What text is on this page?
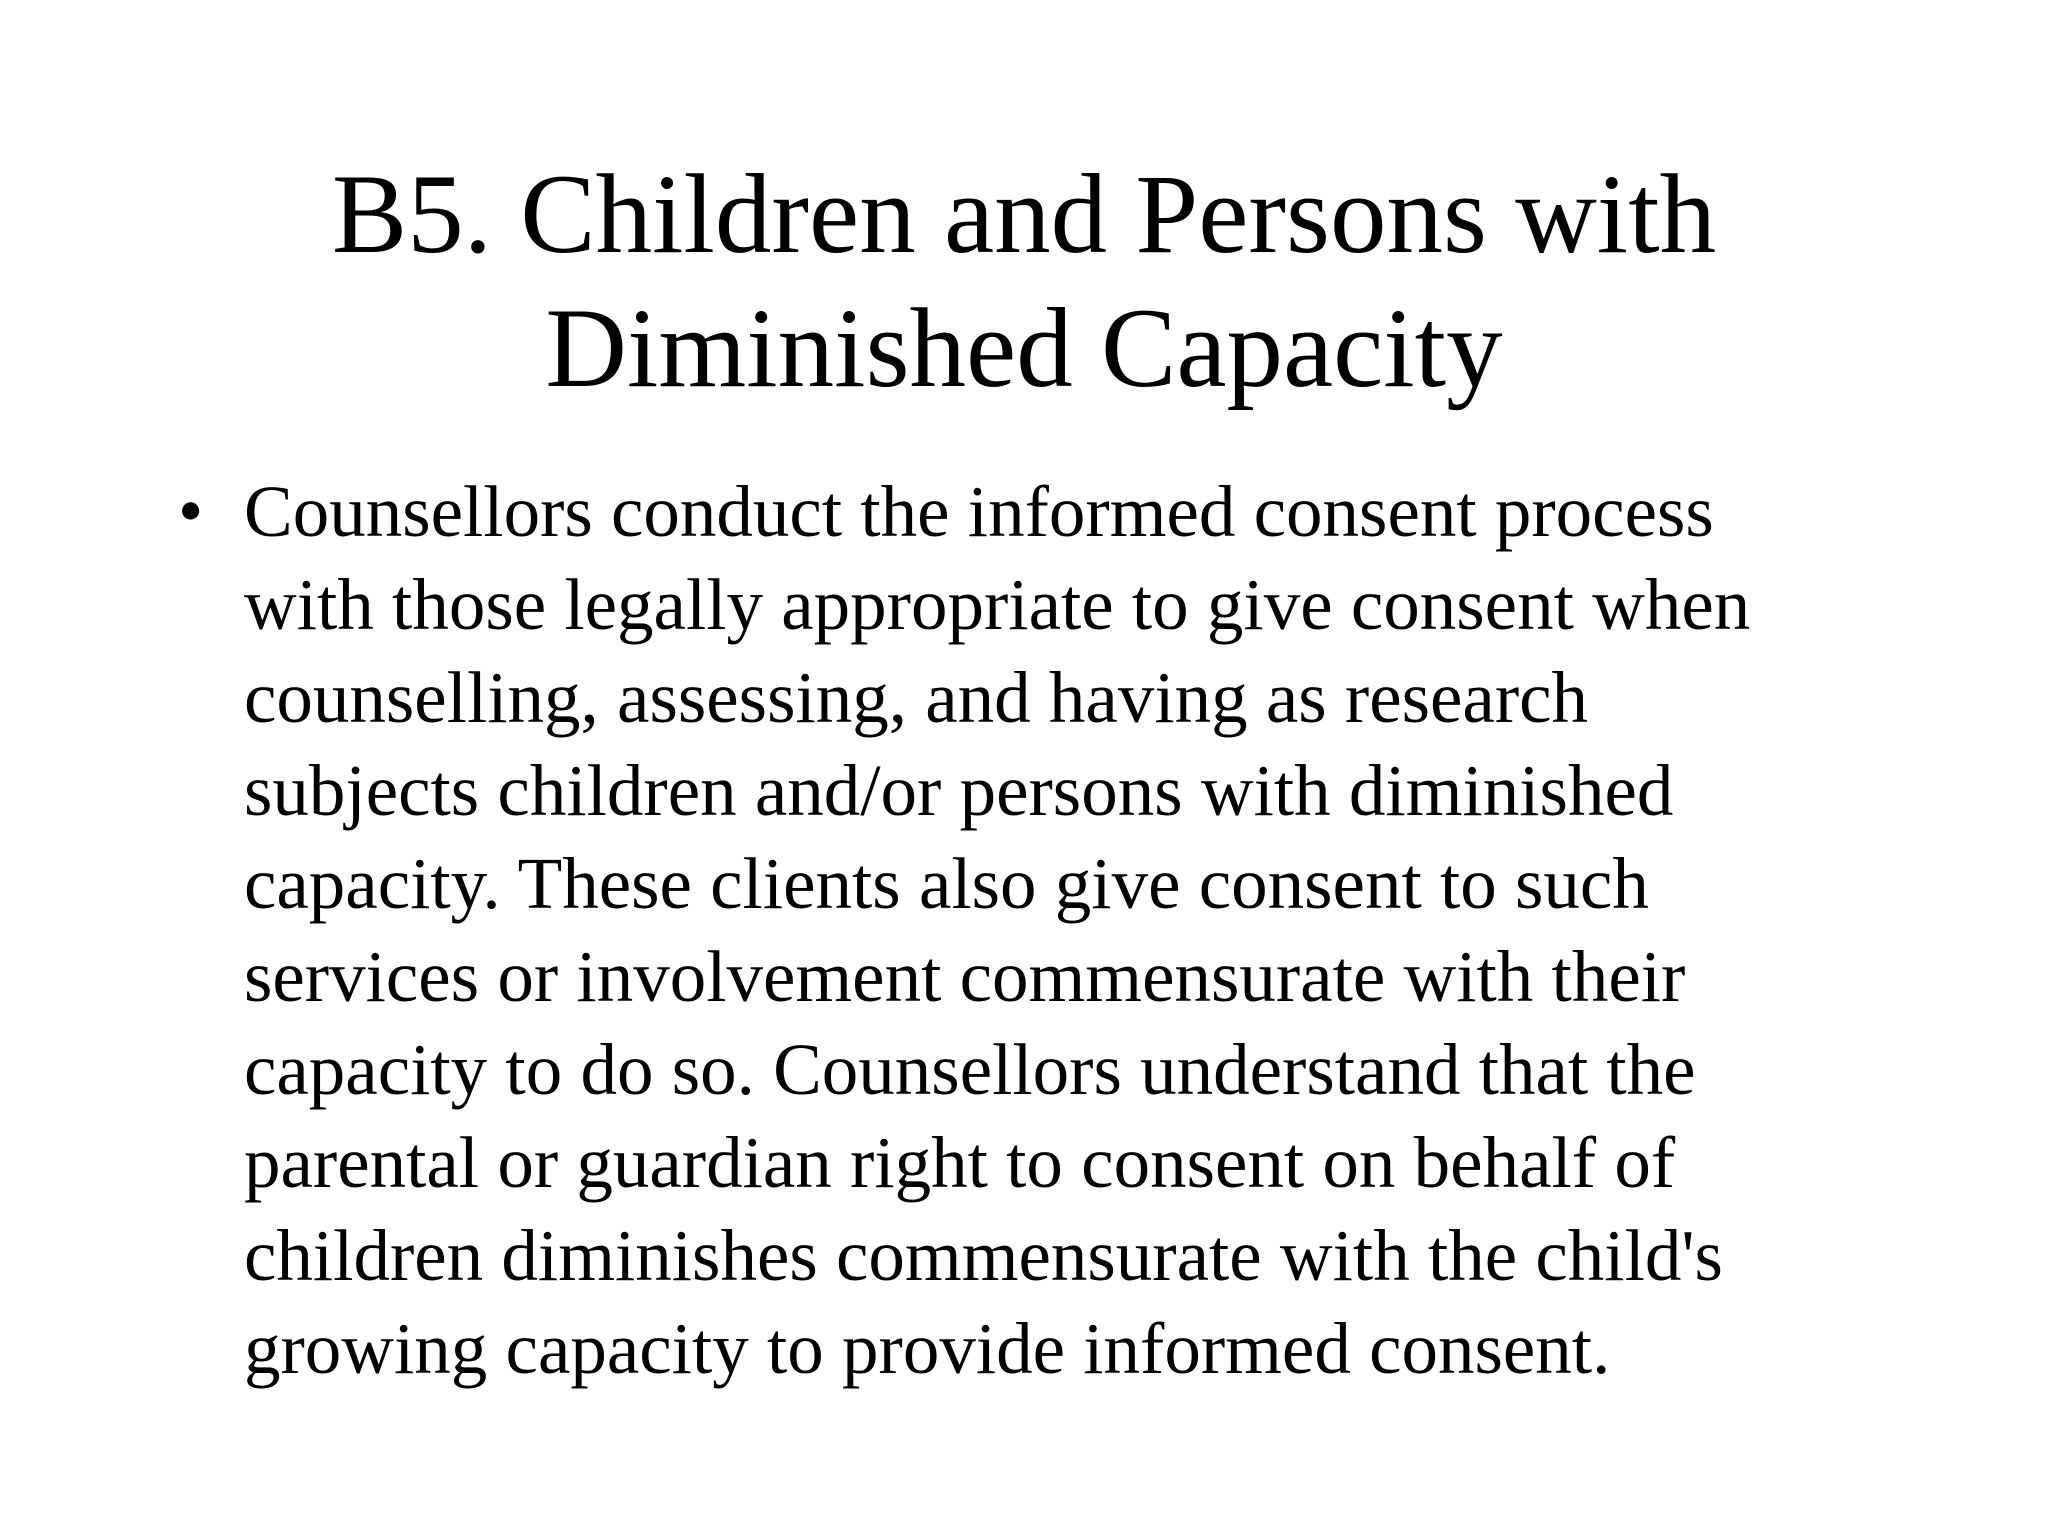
B5. Children and Persons with
Diminished Capacity
• Counsellors conduct the informed consent process
with those legally appropriate to give consent when
counselling, assessing, and having as research
subjects children and/or persons with diminished
capacity. These clients also give consent to such
services or involvement commensurate with their
capacity to do so. Counsellors understand that the
parental or guardian right to consent on behalf of
children diminishes commensurate with the child's
growing capacity to provide informed consent.
